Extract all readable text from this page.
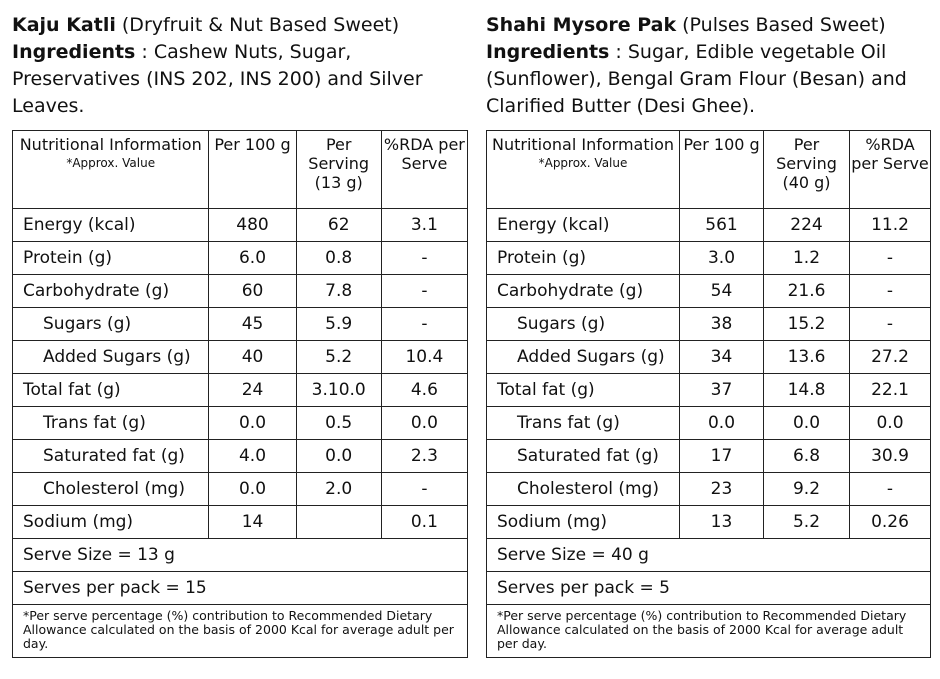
Kaju Katli (Dryfruit & Nut Based Sweet)
Ingredients : Cashew Nuts, Sugar, Preservatives (INS 202, INS 200) and Silver Leaves.
Nutritional Information
*Approx. Value	Per 100 g	Per Serving (13 g)	%RDA per Serve
Energy (kcal)	480	62	3.1
Protein (g)	6.0	0.8	-
Carbohydrate (g)	60	7.8	-
Sugars (g)	45	5.9	-
Added Sugars (g)	40	5.2	10.4
Total fat (g)	24	3.10.0	4.6
Trans fat (g)	0.0	0.5	0.0
Saturated fat (g)	4.0	0.0	2.3
Cholesterol (mg)	0.0	2.0	-
Sodium (mg)	14		0.1
Serve Size = 13 g			
Serves per pack = 15			
*Per serve percentage (%) contribution to Recommended Dietary Allowance calculated on the basis of 2000 Kcal for average adult per day.			
Shahi Mysore Pak (Pulses Based Sweet)
Ingredients : Sugar, Edible vegetable Oil (Sunflower), Bengal Gram Flour (Besan) and Clarified Butter (Desi Ghee).
Nutritional Information
*Approx. Value	Per 100 g	Per Serving (40 g)	%RDA per Serve
Energy (kcal)	561	224	11.2
Protein (g)	3.0	1.2	-
Carbohydrate (g)	54	21.6	-
Sugars (g)	38	15.2	-
Added Sugars (g)	34	13.6	27.2
Total fat (g)	37	14.8	22.1
Trans fat (g)	0.0	0.0	0.0
Saturated fat (g)	17	6.8	30.9
Cholesterol (mg)	23	9.2	-
Sodium (mg)	13	5.2	0.26
Serve Size = 40 g			
Serves per pack = 5			
*Per serve percentage (%) contribution to Recommended Dietary Allowance calculated on the basis of 2000 Kcal for average adult per day.			
